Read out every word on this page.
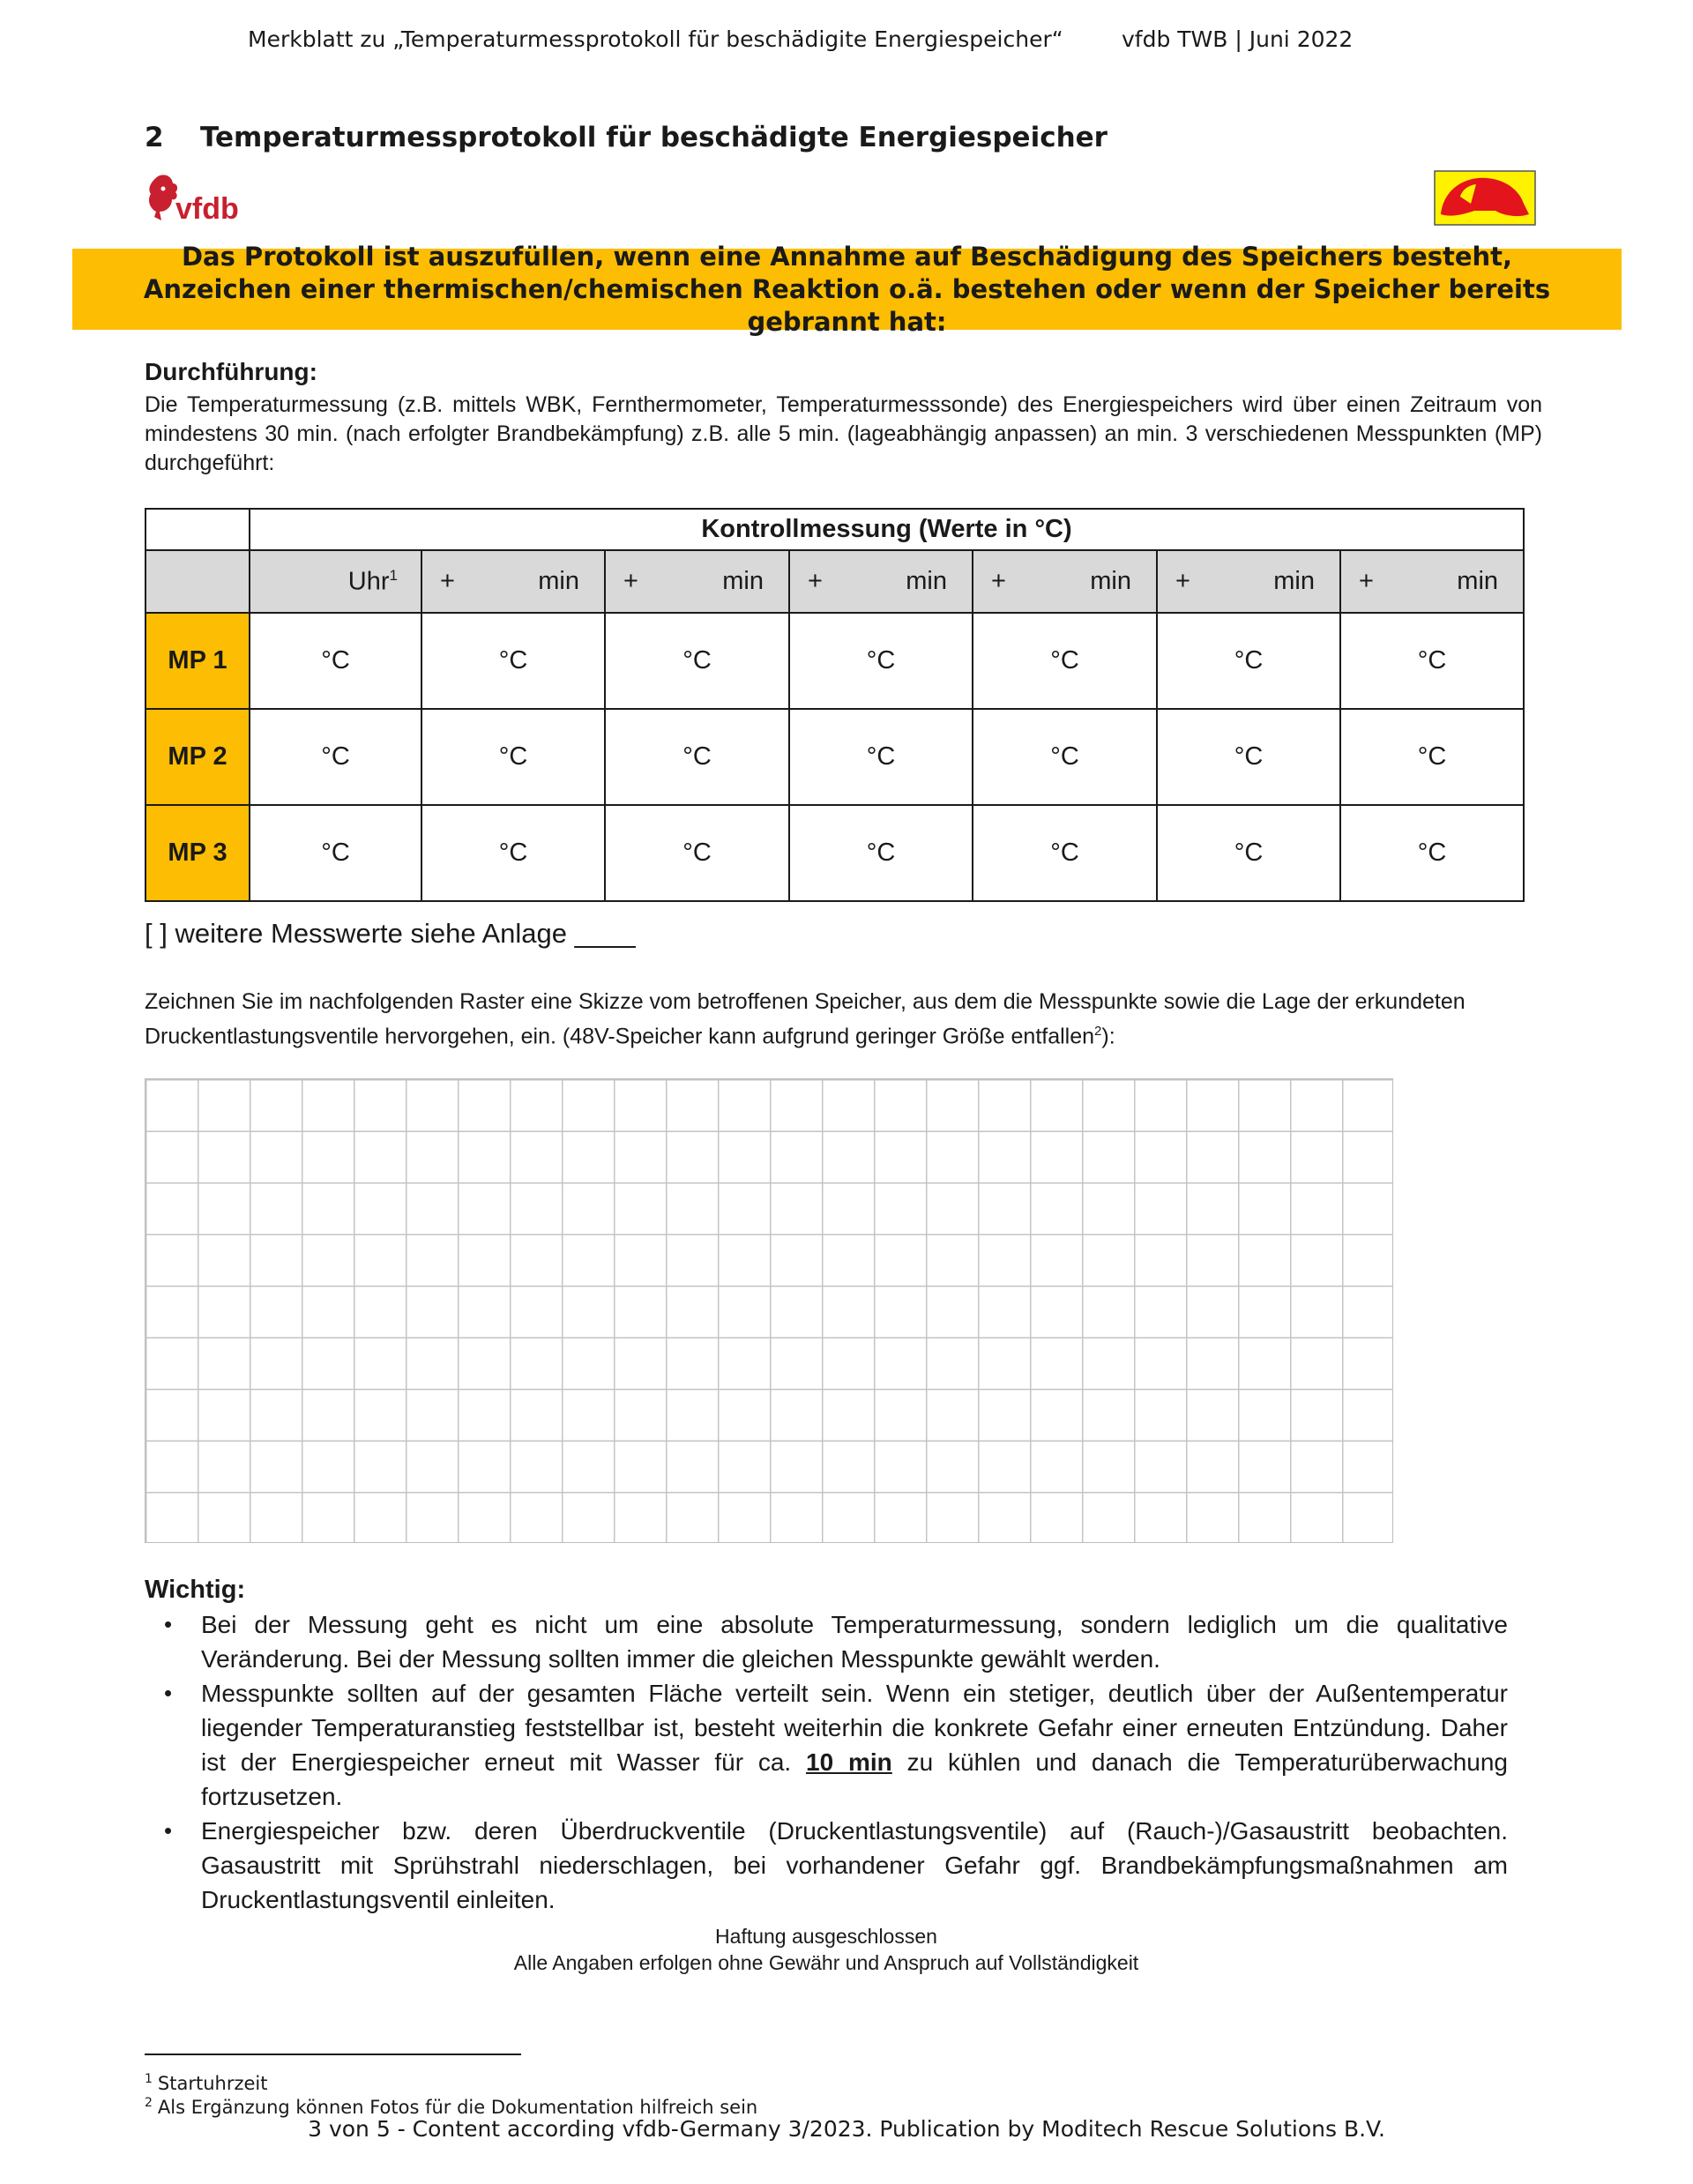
Merkblatt zu „Temperaturmessprotokoll für beschädigite Energiespeicher“	vfdb TWB | Juni 2022
2 Temperaturmessprotokoll für beschädigte Energiespeicher
vfdb
Das Protokoll ist auszufüllen, wenn eine Annahme auf Beschädigung des Speichers besteht, Anzeichen einer thermischen/chemischen Reaktion o.ä. bestehen oder wenn der Speicher bereits gebrannt hat:
Durchführung:
Die Temperaturmessung (z.B. mittels WBK, Fernthermometer, Temperaturmesssonde) des Energiespeichers wird über einen Zeitraum von mindestens 30 min. (nach erfolgter Brandbekämpfung) z.B. alle 5 min. (lageabhängig anpassen) an min. 3 verschiedenen Messpunkten (MP) durchgeführt:
	Kontrollmessung (Werte in °C)						
	Uhr$^1$	+ min	+ min	+ min	+ min	+ min	+ min

MP 1	°C	°C	°C	°C	°C	°C	°C
MP 2	°C	°C	°C	°C	°C	°C	°C
MP 3	°C	°C	°C	°C	°C	°C	°C
[ ] weitere Messwerte siehe Anlage ____
Zeichnen Sie im nachfolgenden Raster eine Skizze vom betroffenen Speicher, aus dem die Messpunkte sowie die Lage der erkundeten Druckentlastungsventile hervorgehen, ein. (48V-Speicher kann aufgrund geringer Größe entfallen$^2$):
Wichtig:
• Bei der Messung geht es nicht um eine absolute Temperaturmessung, sondern lediglich um die qualitative Veränderung. Bei der Messung sollten immer die gleichen Messpunkte gewählt werden.
• Messpunkte sollten auf der gesamten Fläche verteilt sein. Wenn ein stetiger, deutlich über der Außentemperatur liegender Temperaturanstieg feststellbar ist, besteht weiterhin die konkrete Gefahr einer erneuten Entzündung. Daher ist der Energiespeicher erneut mit Wasser für ca. 10 min zu kühlen und danach die Temperaturüberwachung fortzusetzen.
• Energiespeicher bzw. deren Überdruckventile (Druckentlastungsventile) auf (Rauch-)/Gasaustritt beobachten. Gasaustritt mit Sprühstrahl niederschlagen, bei vorhandener Gefahr ggf. Brandbekämpfungsmaßnahmen am Druckentlastungsventil einleiten.
Haftung ausgeschlossen
Alle Angaben erfolgen ohne Gewähr und Anspruch auf Vollständigkeit
$^1$ Startuhrzeit
$^2$ Als Ergänzung können Fotos für die Dokumentation hilfreich sein
3 von 5 - Content according vfdb-Germany 3/2023. Publication by Moditech Rescue Solutions B.V.
